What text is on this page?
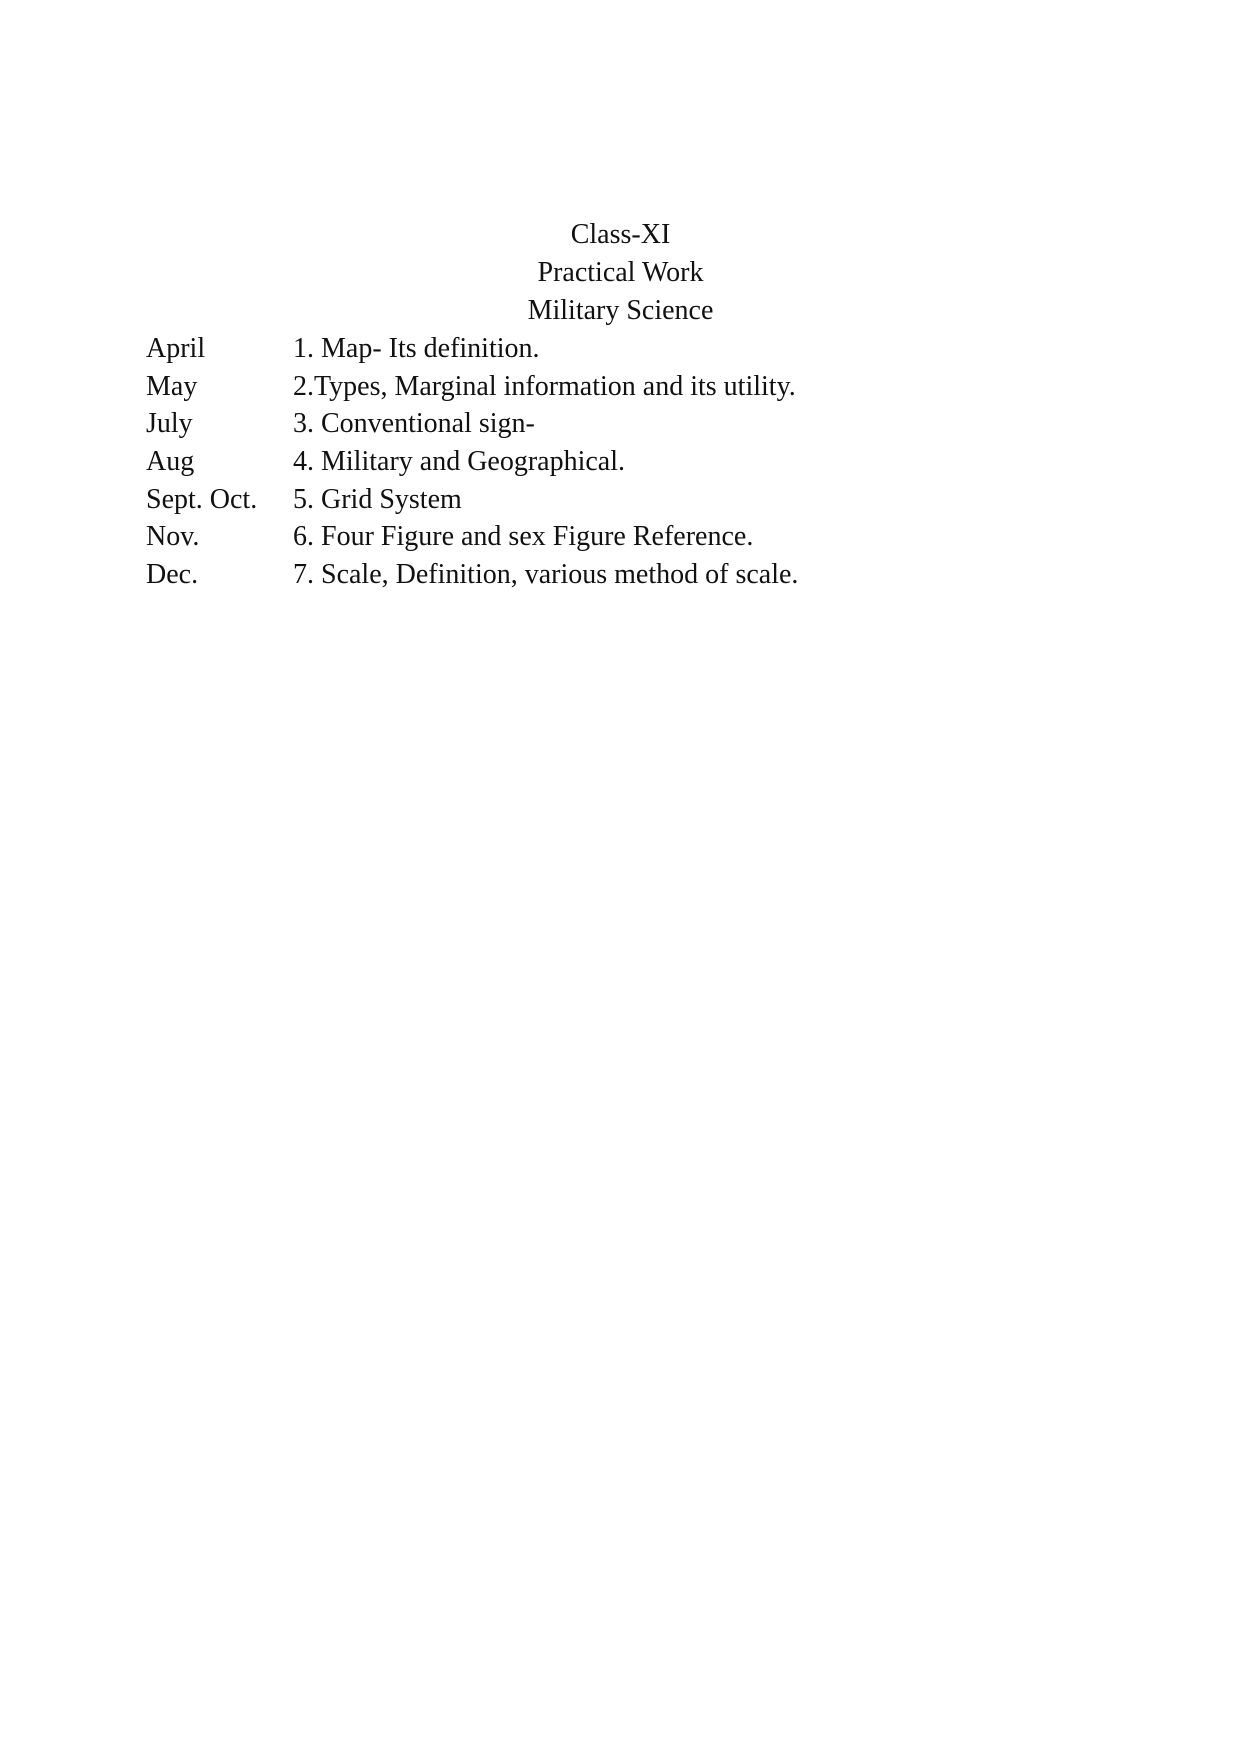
Class-XI
Practical Work
Military Science
April	1. Map- Its definition.
May	2.Types, Marginal information and its utility.
July	3. Conventional sign-
Aug	4. Military and Geographical.
Sept. Oct.	5. Grid System
Nov.	6. Four Figure and sex Figure Reference.
Dec.	7. Scale, Definition, various method of scale.
